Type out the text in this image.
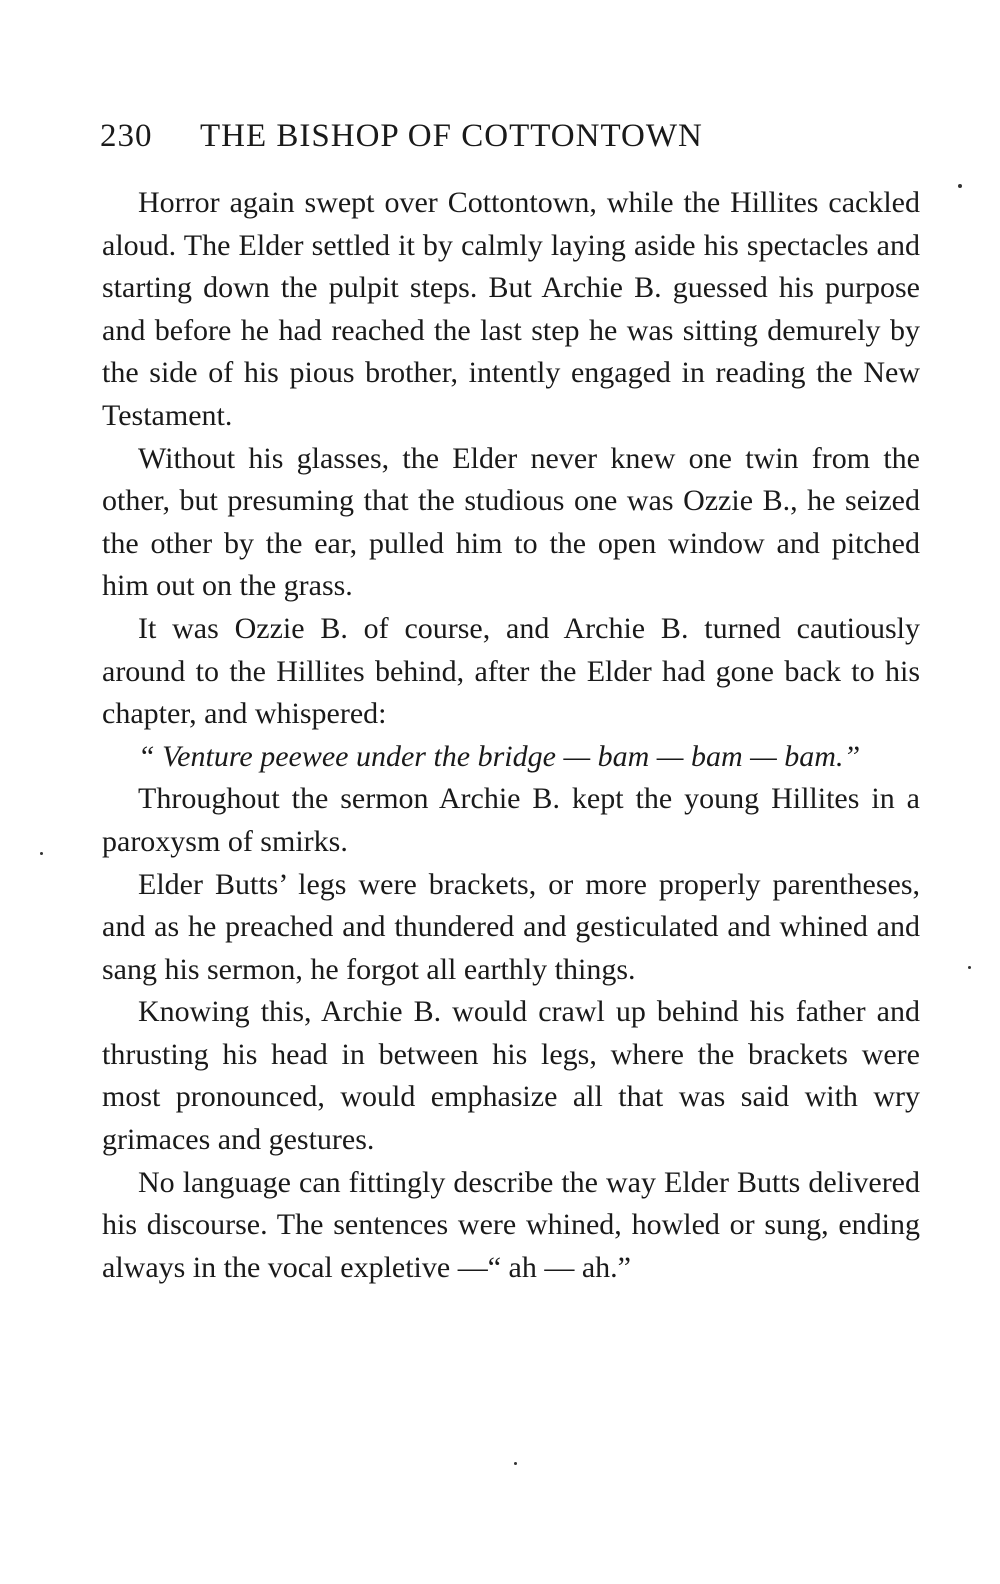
230 THE BISHOP OF COTTONTOWN

Horror again swept over Cottontown, while the Hillites cackled aloud. The Elder settled it by calmly laying aside his spectacles and starting down the pulpit steps. But Archie B. guessed his purpose and before he had reached the last step he was sitting demurely by the side of his pious brother, intently engaged in reading the New Testament.

Without his glasses, the Elder never knew one twin from the other, but presuming that the studious one was Ozzie B., he seized the other by the ear, pulled him to the open window and pitched him out on the grass.

It was Ozzie B. of course, and Archie B. turned cautiously around to the Hillites behind, after the Elder had gone back to his chapter, and whispered:

“ Venture peewee under the bridge — bam — bam — bam.”

Throughout the sermon Archie B. kept the young Hillites in a paroxysm of smirks.

Elder Butts’ legs were brackets, or more properly parentheses, and as he preached and thundered and gesticulated and whined and sang his sermon, he forgot all earthly things.

Knowing this, Archie B. would crawl up behind his father and thrusting his head in between his legs, where the brackets were most pronounced, would emphasize all that was said with wry grimaces and gestures.

No language can fittingly describe the way Elder Butts delivered his discourse. The sentences were whined, howled or sung, ending always in the vocal expletive —“ ah — ah.”
